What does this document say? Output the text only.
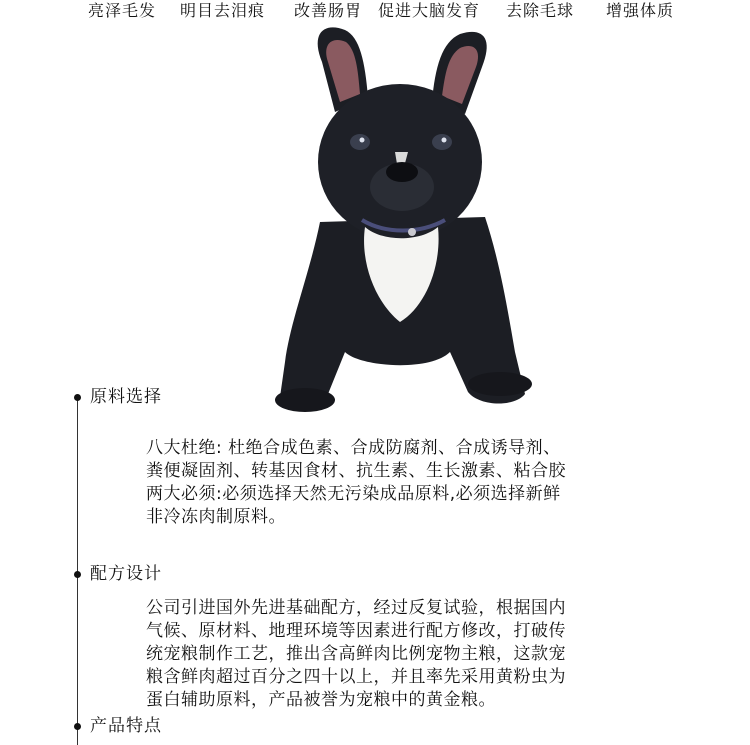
亮泽毛发 明目去泪痕 改善肠胃 促进大脑发育 去除毛球 增强体质
原料选择

八大杜绝: 杜绝合成色素、合成防腐剂、合成诱导剂、
粪便凝固剂、转基因食材、抗生素、生长激素、粘合胶
两大必须:必须选择天然无污染成品原料,必须选择新鲜
非冷冻肉制原料。

配方设计

公司引进国外先进基础配方，经过反复试验，根据国内
气候、原材料、地理环境等因素进行配方修改，打破传
统宠粮制作工艺，推出含高鲜肉比例宠物主粮，这款宠
粮含鲜肉超过百分之四十以上，并且率先采用黄粉虫为
蛋白辅助原料，产品被誉为宠粮中的黄金粮。

产品特点
